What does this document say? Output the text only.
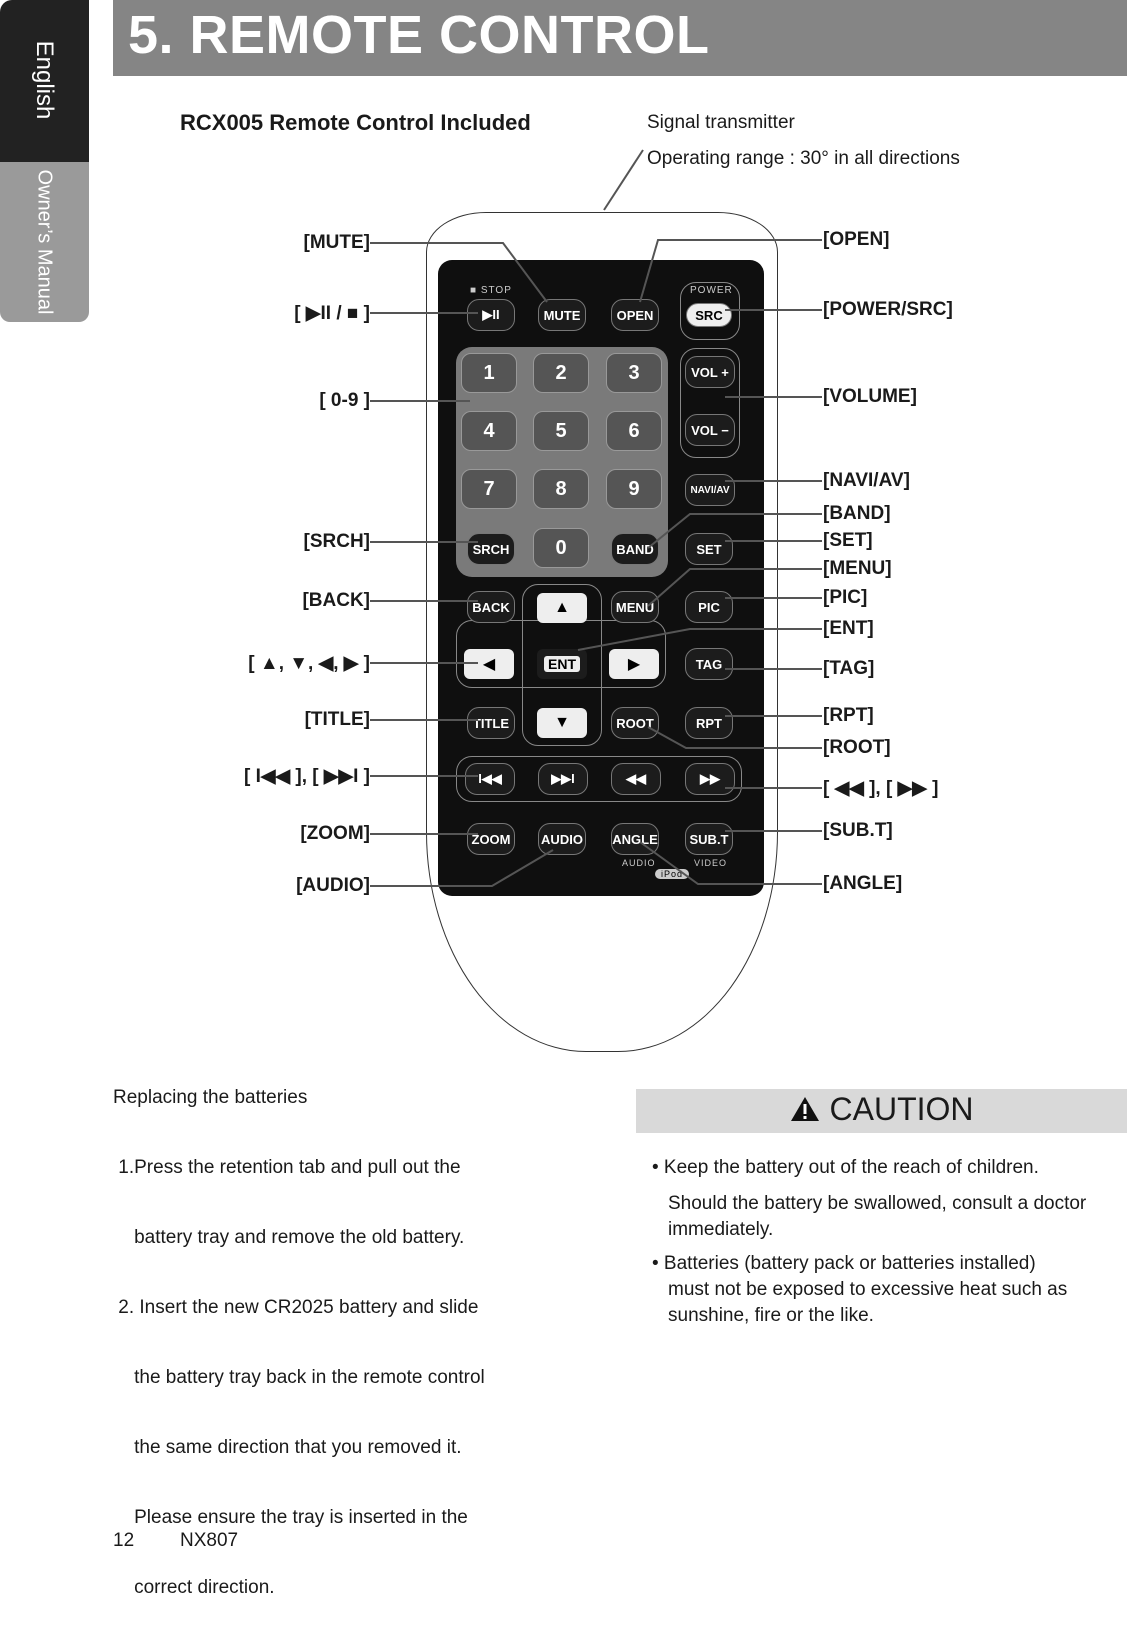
English
Owner’s Manual
5. REMOTE CONTROL
RCX005 Remote Control Included	Signal transmitter
Operating range : 30° in all directions
■ STOP	POWER
▶II	MUTE	OPEN	SRC
1	2	3
4	5	6
7	8	9
0
VOL +
VOL −
NAVI/AV
SRCH	BAND	SET
BACK	MENU	PIC
▲
◀	ENT	▶
▼
TAG
TITLE	ROOT	RPT
I◀◀	▶▶I	◀◀	▶▶
ZOOM	AUDIO ANGLE	SUB.T
AUDIO	VIDEO
iPod
[MUTE]
[ ▶II / ■ ]
[ 0-9 ]
[SRCH]
[BACK]
[ ▲, ▼, ◀, ▶ ]
[TITLE]
[ I◀◀ ], [ ▶▶I ]
[ZOOM]
[AUDIO]
[OPEN]
[POWER/SRC]
[VOLUME]
[NAVI/AV]
[BAND]
[SET]
[MENU]
[PIC]
[ENT]
[TAG]
[RPT]
[ROOT]
[ ◀◀ ], [ ▶▶ ]
[SUB.T]
[ANGLE]
Replacing the batteries

1.Press the retention tab and pull out the

battery tray and remove the old battery.

2. Insert the new CR2025 battery and slide

the battery tray back in the remote control

the same direction that you removed it.

Please ensure the tray is inserted in the

correct direction.

CAUTION
• Keep the battery out of the reach of children.
Should the battery be swallowed, consult a doctor
immediately.
• Batteries (battery pack or batteries installed)
must not be exposed to excessive heat such as
sunshine, fire or the like.
12 NX807
